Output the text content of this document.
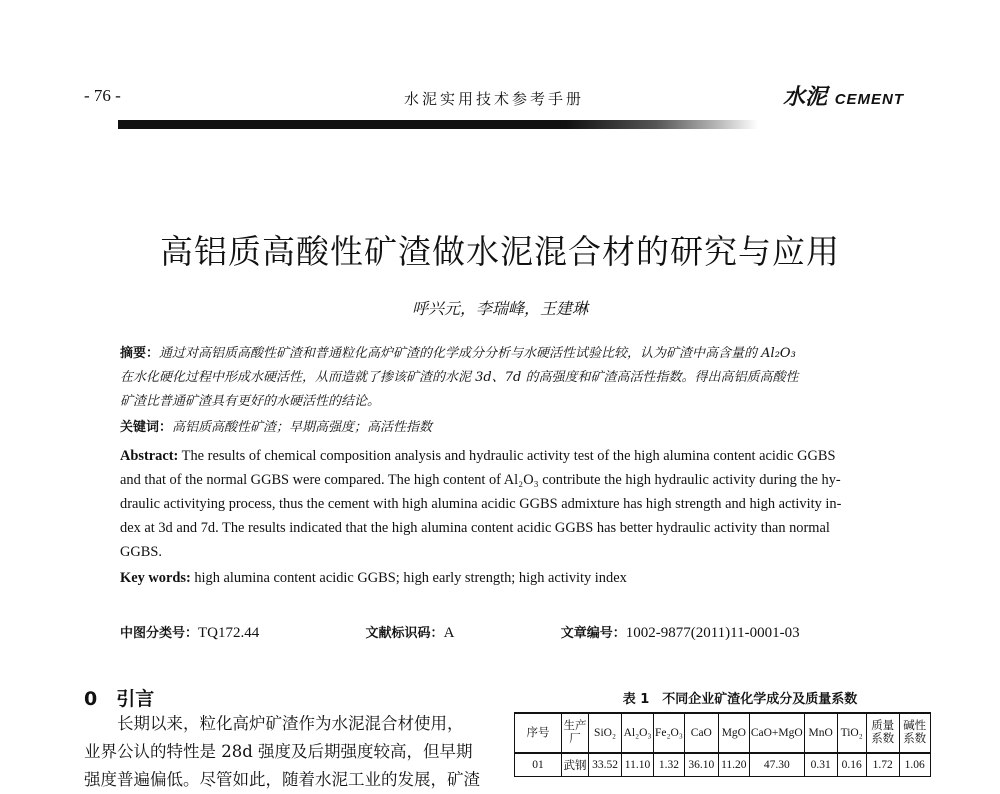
- 76 -	水泥实用技术参考手册	水泥 CEMENT
高铝质高酸性矿渣做水泥混合材的研究与应用
呼兴元，李瑞峰，王建琳
摘要：通过对高铝质高酸性矿渣和普通粒化高炉矿渣的化学成分分析与水硬活性试验比较，认为矿渣中高含量的 Al₂O₃
在水化硬化过程中形成水硬活性，从而造就了掺该矿渣的水泥 3d、7d 的高强度和矿渣高活性指数。得出高铝质高酸性
矿渣比普通矿渣具有更好的水硬活性的结论。
关键词：高铝质高酸性矿渣；早期高强度；高活性指数
Abstract: The results of chemical composition analysis and hydraulic activity test of the high alumina content acidic GGBS
and that of the normal GGBS were compared. The high content of Al₂O₃ contribute the high hydraulic activity during the hy-
draulic activitying process, thus the cement with high alumina acidic GGBS admixture has high strength and high activity in-
dex at 3d and 7d. The results indicated that the high alumina content acidic GGBS has better hydraulic activity than normal
GGBS.
Key words: high alumina content acidic GGBS; high early strength; high activity index
中图分类号：TQ172.44	文献标识码：A	文章编号：1002-9877(2011)11-0001-03
0　引言
　　长期以来，粒化高炉矿渣作为水泥混合材使用，
业界公认的特性是 28d 强度及后期强度较高，但早期
强度普遍偏低。尽管如此，随着水泥工业的发展，矿渣
表 1　不同企业矿渣化学成分及质量系数
序号	生产厂	SiO₂	Al₂O₃	Fe₂O₃	CaO	MgO	CaO+MgO	MnO	TiO₂	质量系数	碱性系数
01	武钢	33.52	11.10	1.32	36.10	11.20	47.30	0.31	0.16	1.72	1.06
